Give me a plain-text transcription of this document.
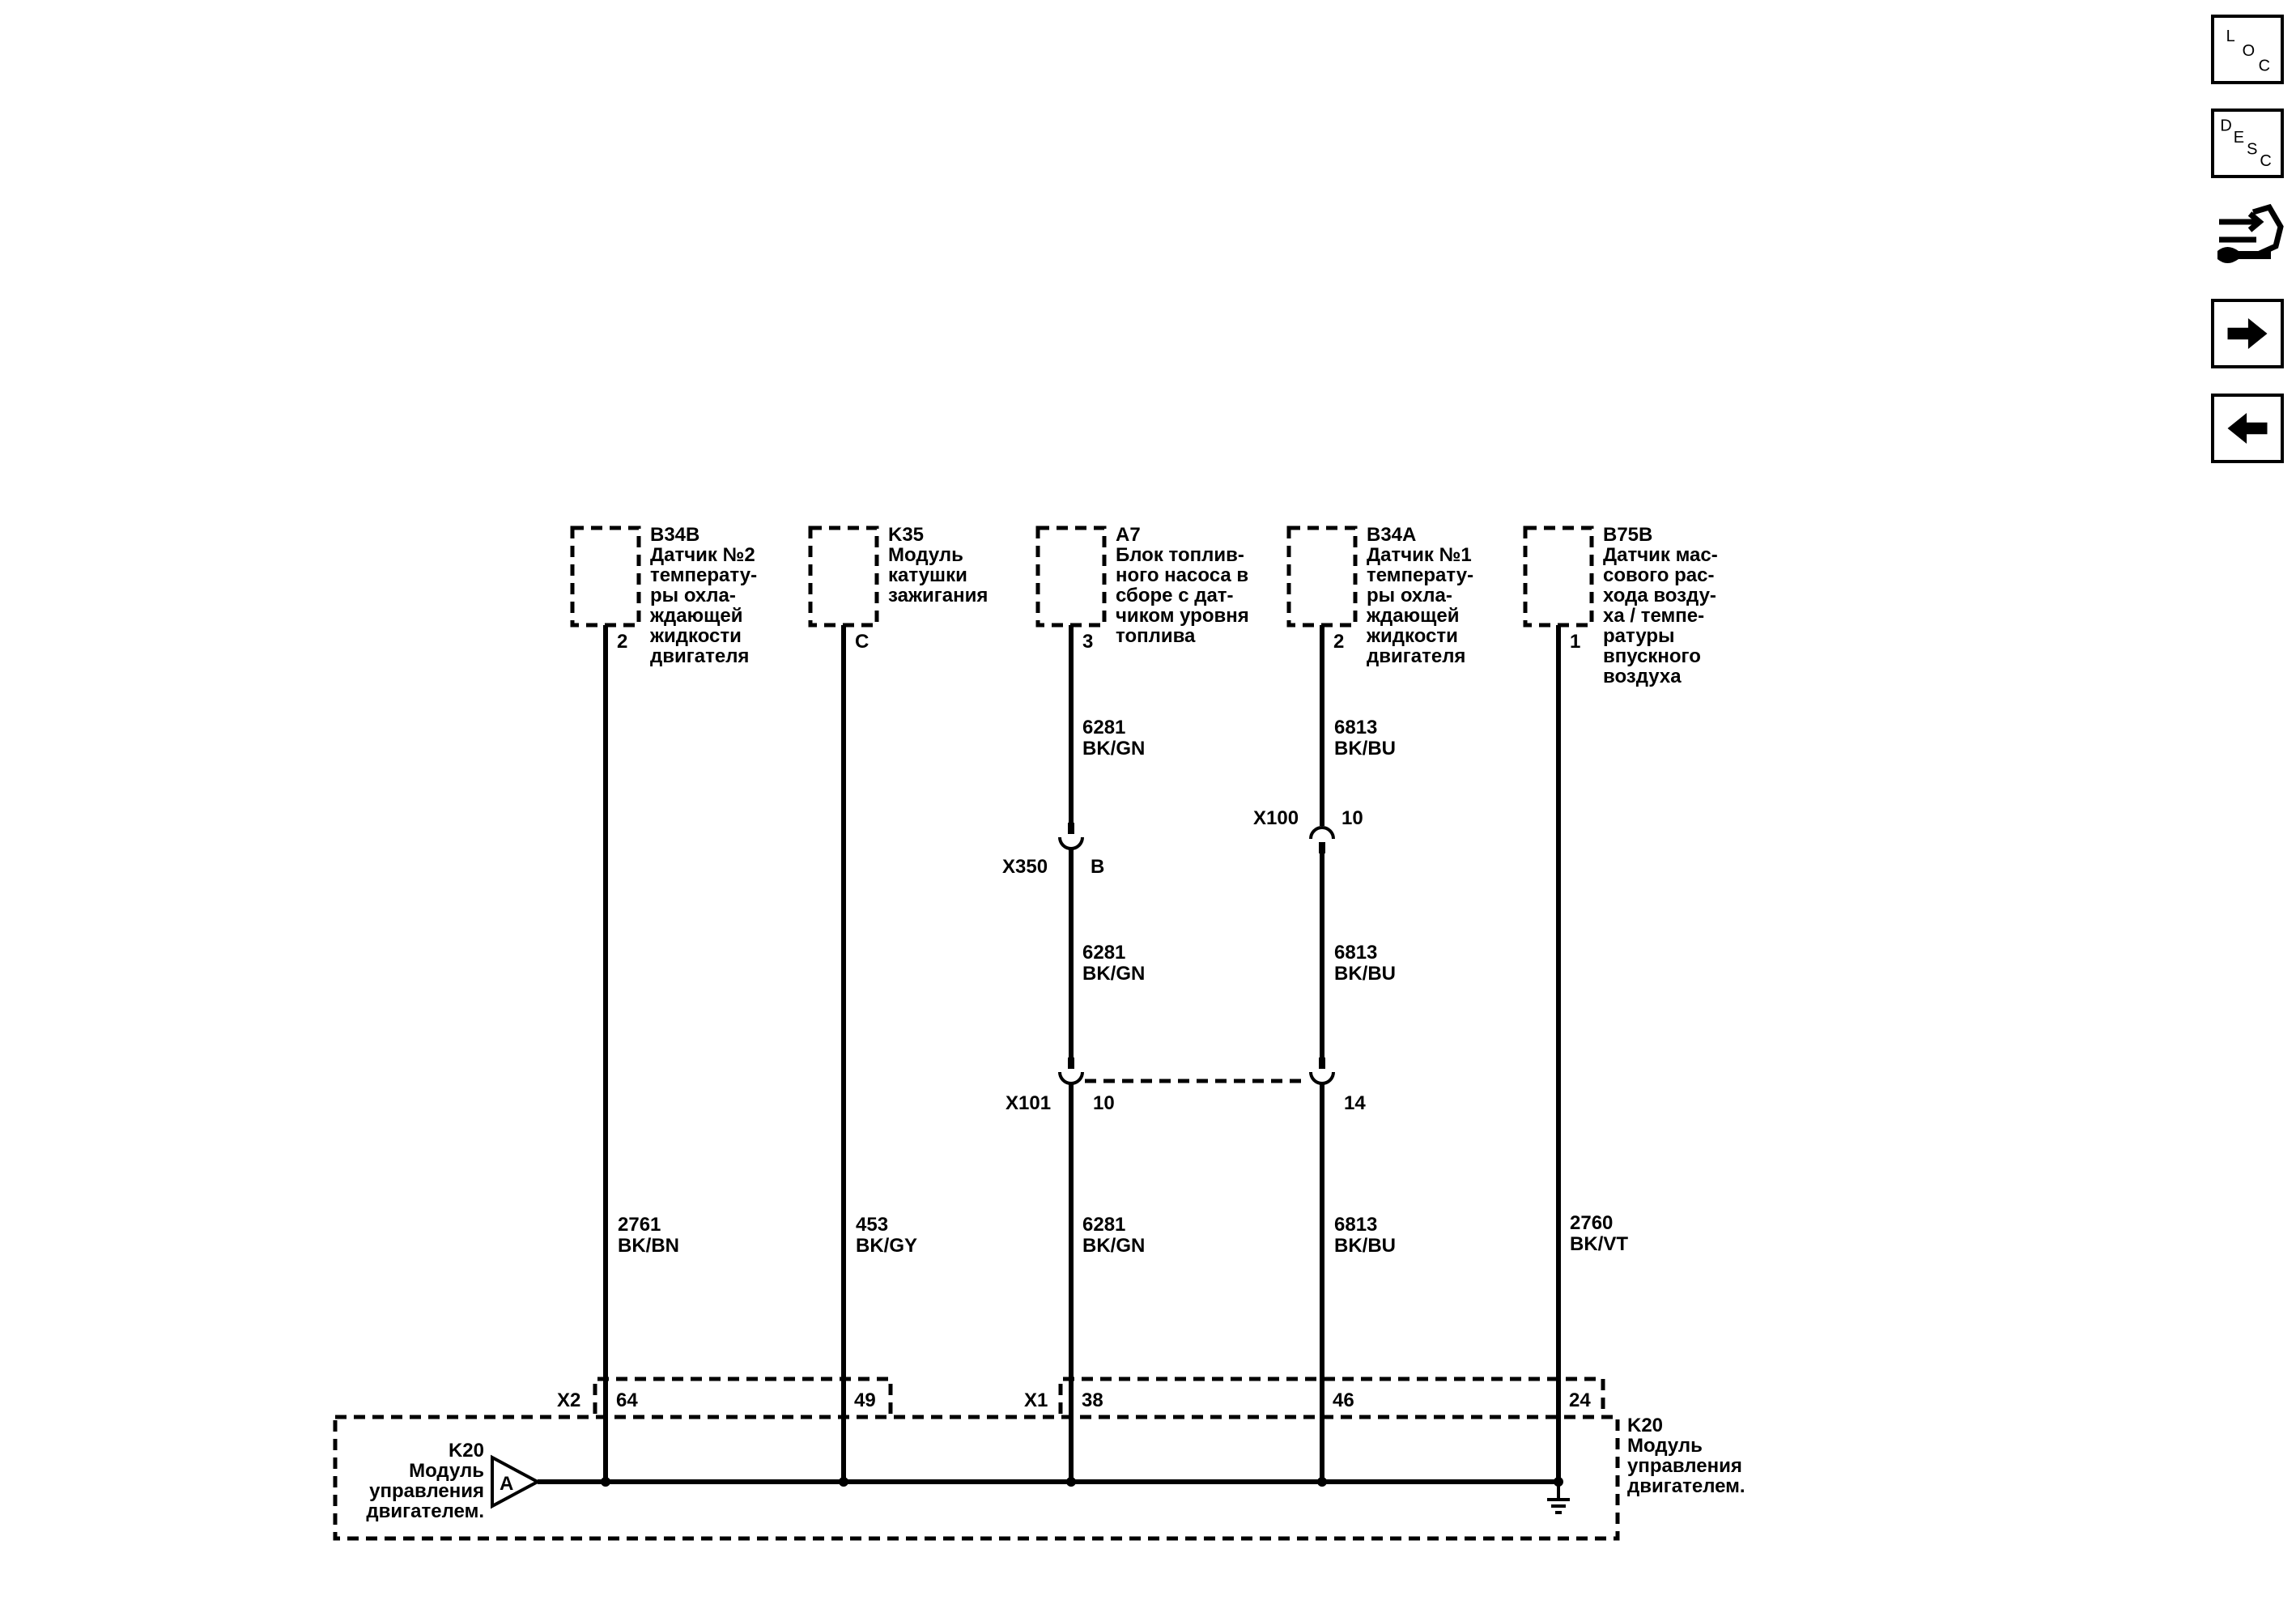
L
O
C
D
E
S
C
B34B
Датчик №2
температу-
ры охла-
ждающей
жидкости
двигателя
2
K35
Модуль
катушки
зажигания
C
A7
Блок топлив-
ного насоса в
сборе с дат-
чиком уровня
топлива
3
B34A
Датчик №1
температу-
ры охла-
ждающей
жидкости
двигателя
2
B75B
Датчик мас-
сового рас-
хода возду-
ха / темпе-
ратуры
впускного
воздуха
1
2761
BK/BN
453
BK/GY
6281
BK/GN
6281
BK/GN
6281
BK/GN
6813
BK/BU
6813
BK/BU
6813
BK/BU
2760
BK/VT
X350 B
X100 10
X101 10	14
X2 64	49	X1 38	46	24
A
K20
Модуль
управления
двигателем.
K20
Модуль
управления
двигателем.
